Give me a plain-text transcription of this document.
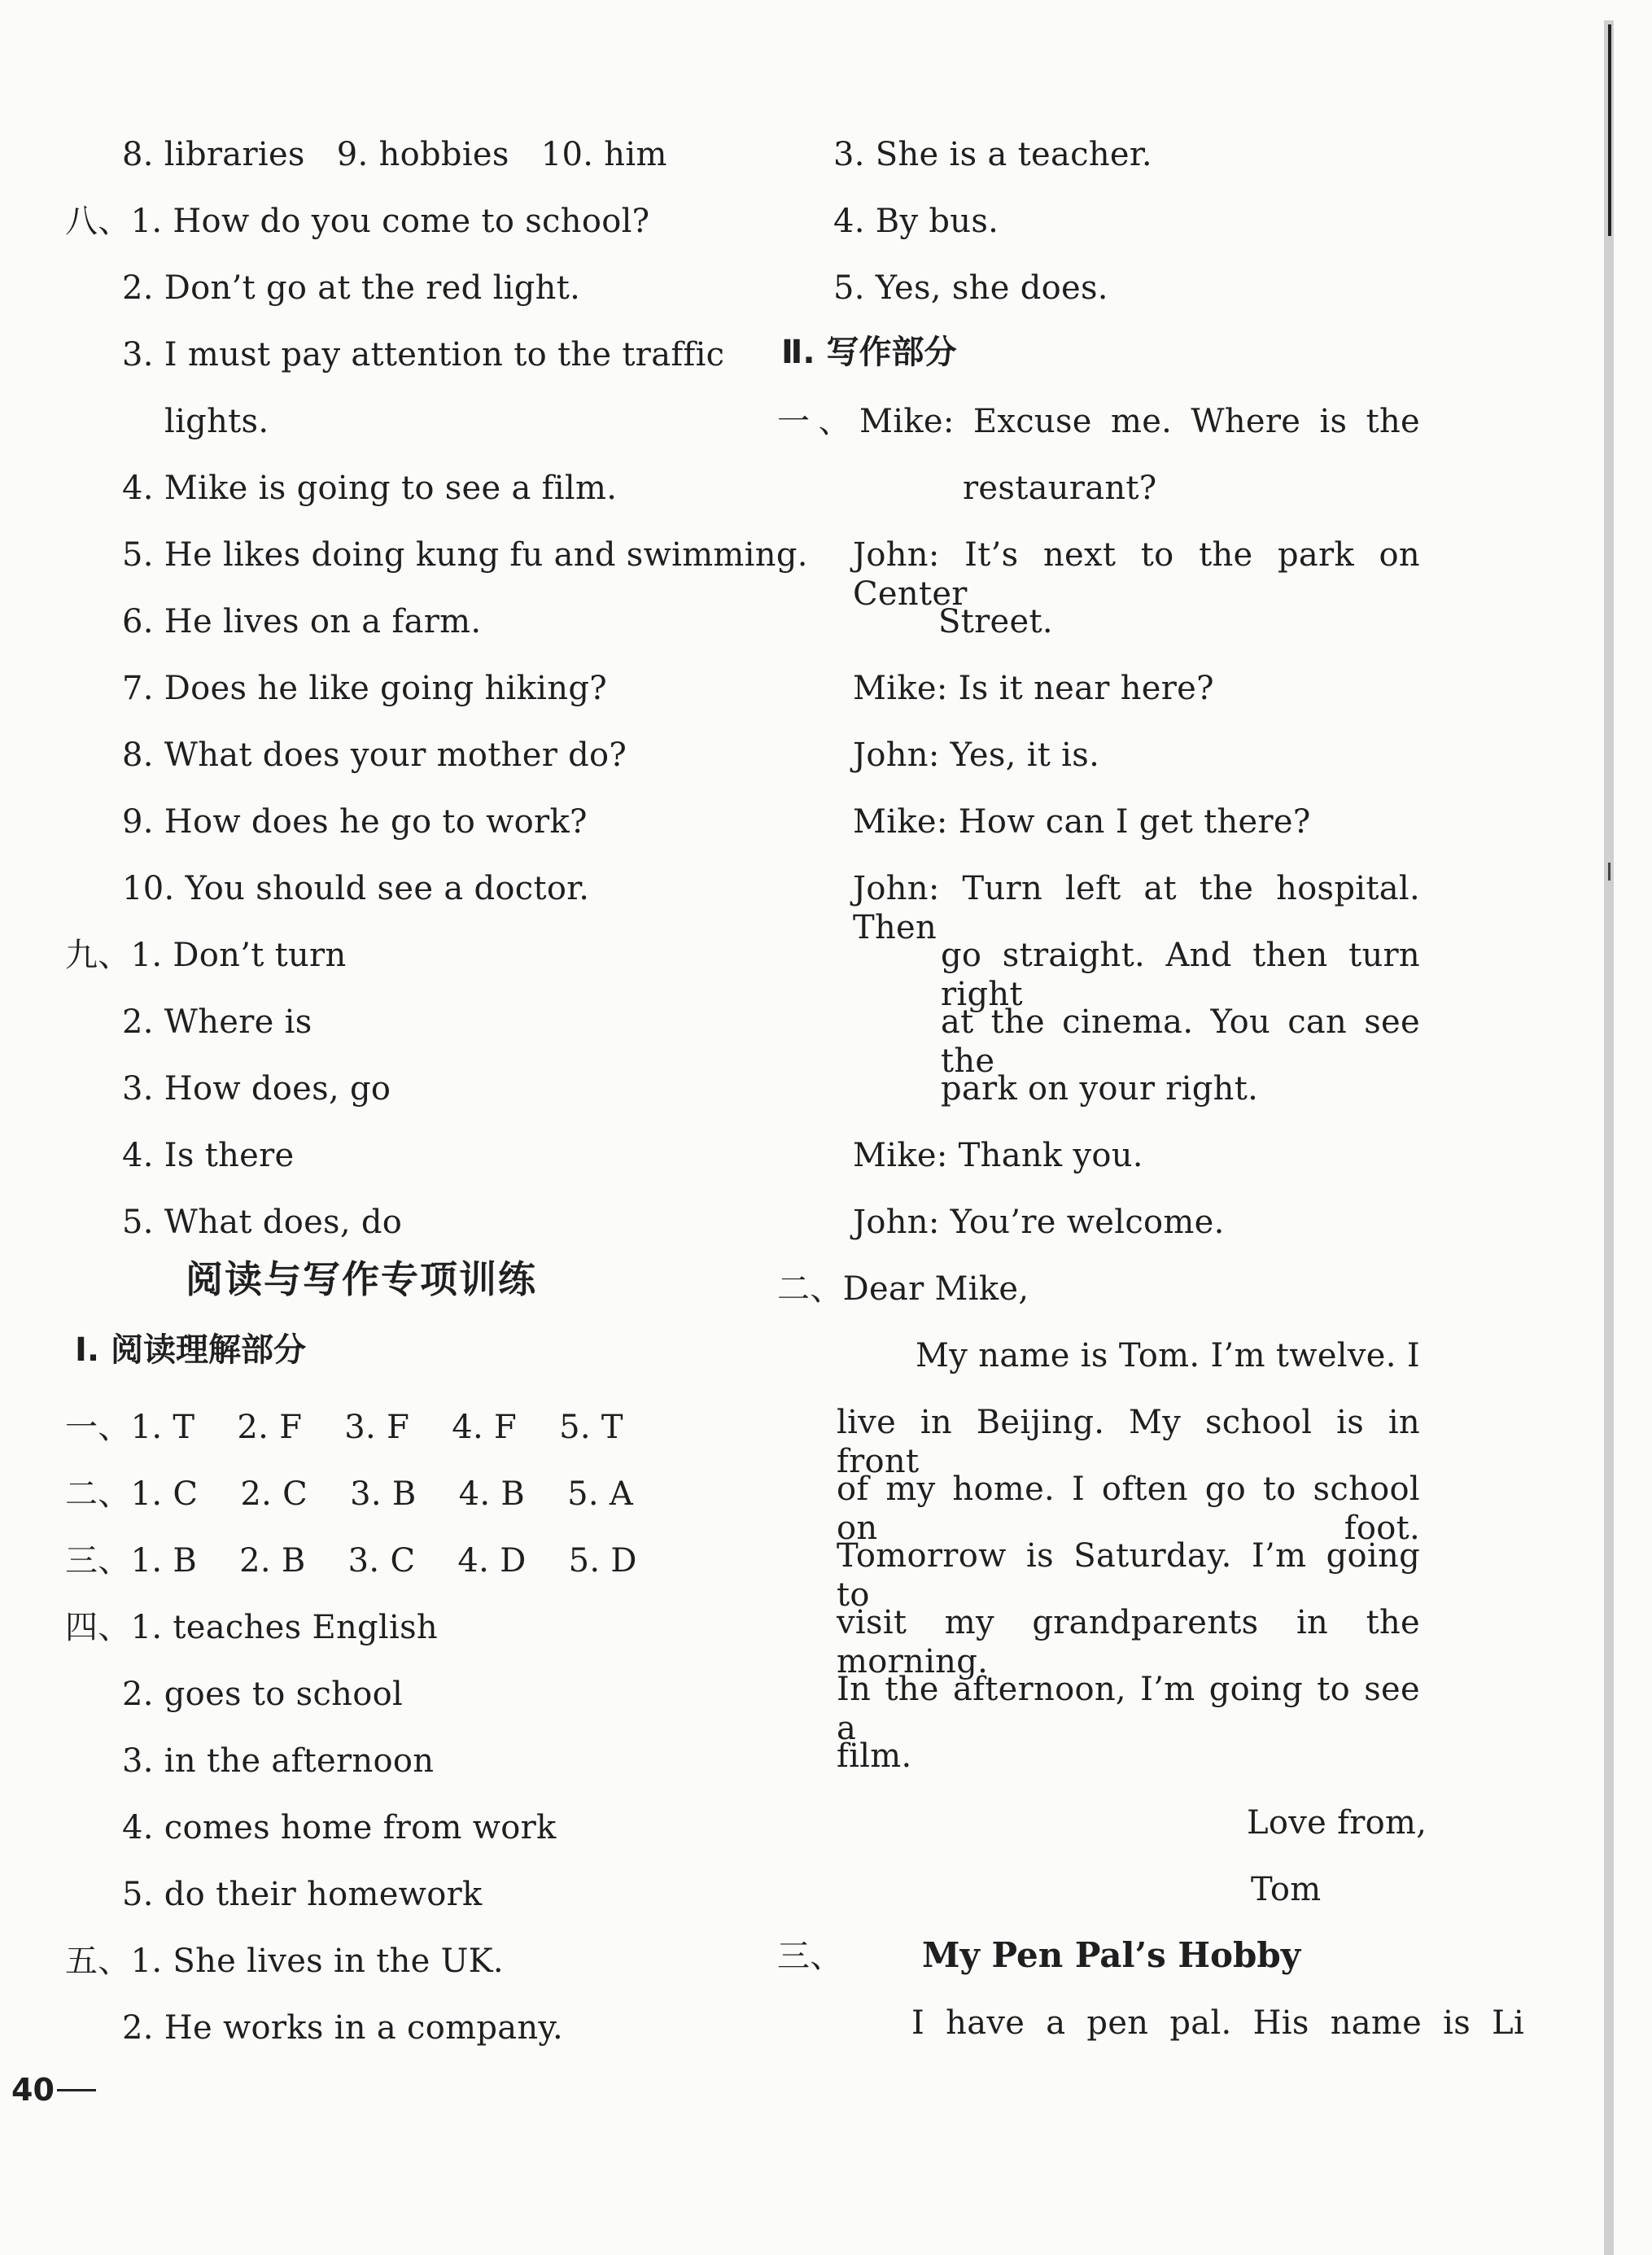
8. libraries   9. hobbies   10. him
八、1. How do you come to school?
2. Don’t go at the red light.
3. I must pay attention to the traffic
lights.
4. Mike is going to see a film.
5. He likes doing kung fu and swimming.
6. He lives on a farm.
7. Does he like going hiking?
8. What does your mother do?
9. How does he go to work?
10. You should see a doctor.
九、1. Don’t turn
2. Where is
3. How does, go
4. Is there
5. What does, do
一、1. T    2. F    3. F    4. F    5. T
二、1. C    2. C    3. B    4. B    5. A
三、1. B    2. B    3. C    4. D    5. D
四、1. teaches English
2. goes to school
3. in the afternoon
4. comes home from work
5. do their homework
五、1. She lives in the UK.
2. He works in a company.
3. She is a teacher.
4. By bus.
5. Yes, she does.
一、Mike: Excuse me. Where is the
restaurant?
John: It’s next to the park on Center
Street.
Mike: Is it near here?
John: Yes, it is.
Mike: How can I get there?
John: Turn left at the hospital. Then
go straight. And then turn right
at the cinema. You can see the
park on your right.
Mike: Thank you.
John: You’re welcome.
二、Dear Mike,
My name is Tom. I’m twelve. I
live in Beijing. My school is in front
of my home. I often go to school on foot.
Tomorrow is Saturday. I’m going to
visit my grandparents in the morning.
In the afternoon, I’m going to see a
film.
Love from,
Tom
阅读与写作专项训练
Ⅰ. 阅读理解部分
Ⅱ. 写作部分
三、 My Pen Pal’s Hobby
I  have  a  pen  pal.  His  name  is  Li
40
